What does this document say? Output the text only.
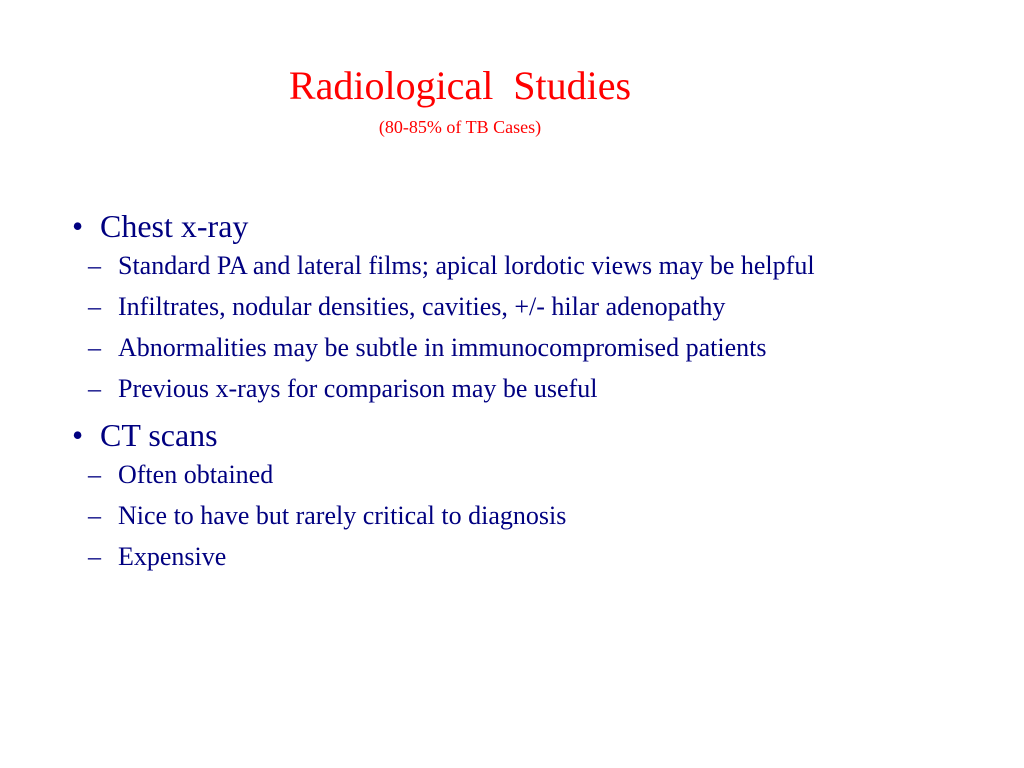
Radiological  Studies
(80-85% of TB Cases)
• Chest x-ray
– Standard PA and lateral films; apical lordotic views may be helpful
– Infiltrates, nodular densities, cavities, +/- hilar adenopathy
– Abnormalities may be subtle in immunocompromised patients
– Previous x-rays for comparison may be useful
• CT scans
– Often obtained
– Nice to have but rarely critical to diagnosis
– Expensive
